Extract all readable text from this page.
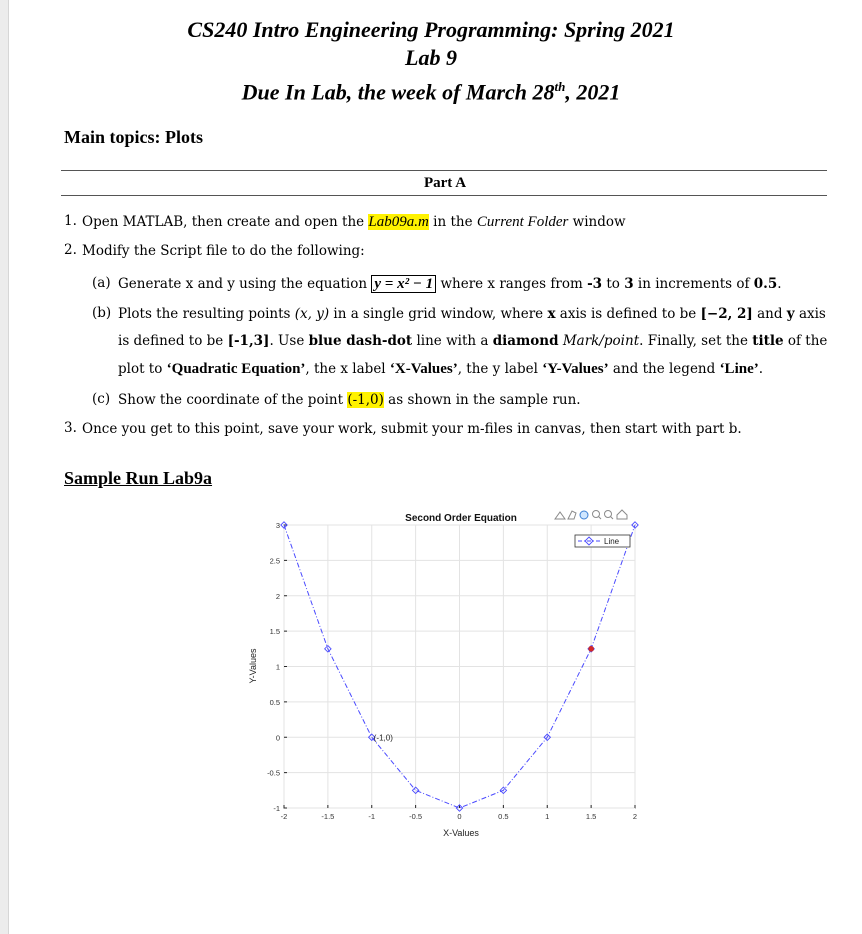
CS240 Intro Engineering Programming: Spring 2021
Lab 9
Due In Lab, the week of March 28th, 2021
Main topics: Plots
Part A
1. Open MATLAB, then create and open the Lab09a.m in the Current Folder window
2. Modify the Script file to do the following:
(a) Generate x and y using the equation y = x² − 1 where x ranges from -3 to 3 in increments of 0.5.
(b) Plots the resulting points (x, y) in a single grid window, where x axis is defined to be [−2, 2] and y axis
is defined to be [-1,3]. Use blue dash-dot line with a diamond Mark/point. Finally, set the title of the
plot to ‘Quadratic Equation’, the x label ‘X-Values’, the y label ‘Y-Values’ and the legend ‘Line’.
(c) Show the coordinate of the point (-1,0) as shown in the sample run.
3. Once you get to this point, save your work, submit your m-files in canvas, then start with part b.
Sample Run Lab9a
-2	-1.5	-1	-0.5	0	0.5	1	1.5	2
-1
-0.5
0
0.5
1
1.5
2
2.5
3
Second Order Equation
X-Values
Y-Values
(-1,0)
Line
